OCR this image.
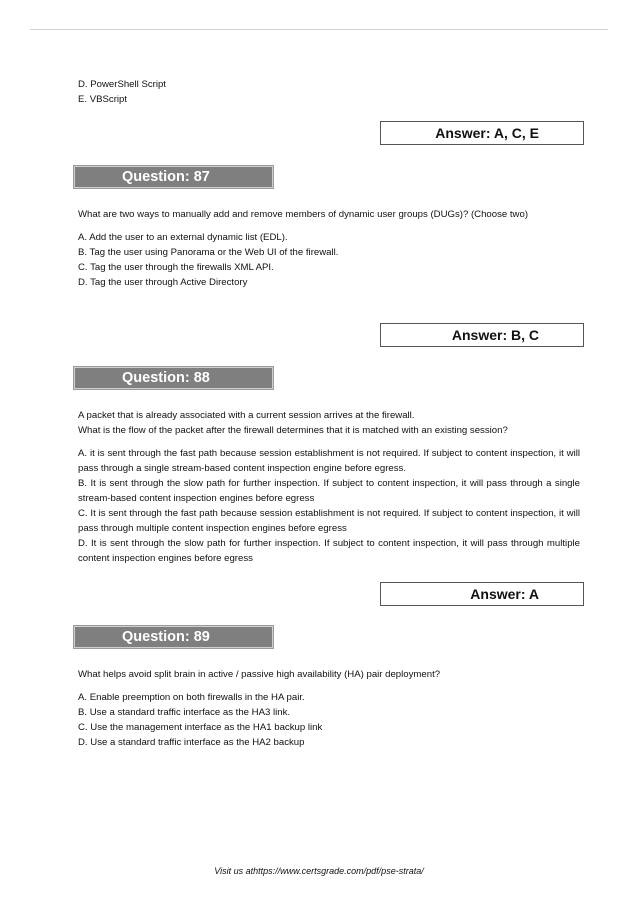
D. PowerShell Script
E. VBScript
Answer: A, C, E
Question: 87
What are two ways to manually add and remove members of dynamic user groups (DUGs)? (Choose two)
A. Add the user to an external dynamic list (EDL).
B. Tag the user using Panorama or the Web UI of the firewall.
C. Tag the user through the firewalls XML API.
D. Tag the user through Active Directory
Answer: B, C
Question: 88
A packet that is already associated with a current session arrives at the firewall.
What is the flow of the packet after the firewall determines that it is matched with an existing session?
A. it is sent through the fast path because session establishment is not required. If subject to content inspection, it will pass through a single stream-based content inspection engine before egress.
B. It is sent through the slow path for further inspection. If subject to content inspection, it will pass through a single stream-based content inspection engines before egress
C. It is sent through the fast path because session establishment is not required. If subject to content inspection, it will pass through multiple content inspection engines before egress
D. It is sent through the slow path for further inspection. If subject to content inspection, it will pass through multiple content inspection engines before egress
Answer: A
Question: 89
What helps avoid split brain in active / passive high availability (HA) pair deployment?
A. Enable preemption on both firewalls in the HA pair.
B. Use a standard traffic interface as the HA3 link.
C. Use the management interface as the HA1 backup link
D. Use a standard traffic interface as the HA2 backup
Visit us athttps://www.certsgrade.com/pdf/pse-strata/
